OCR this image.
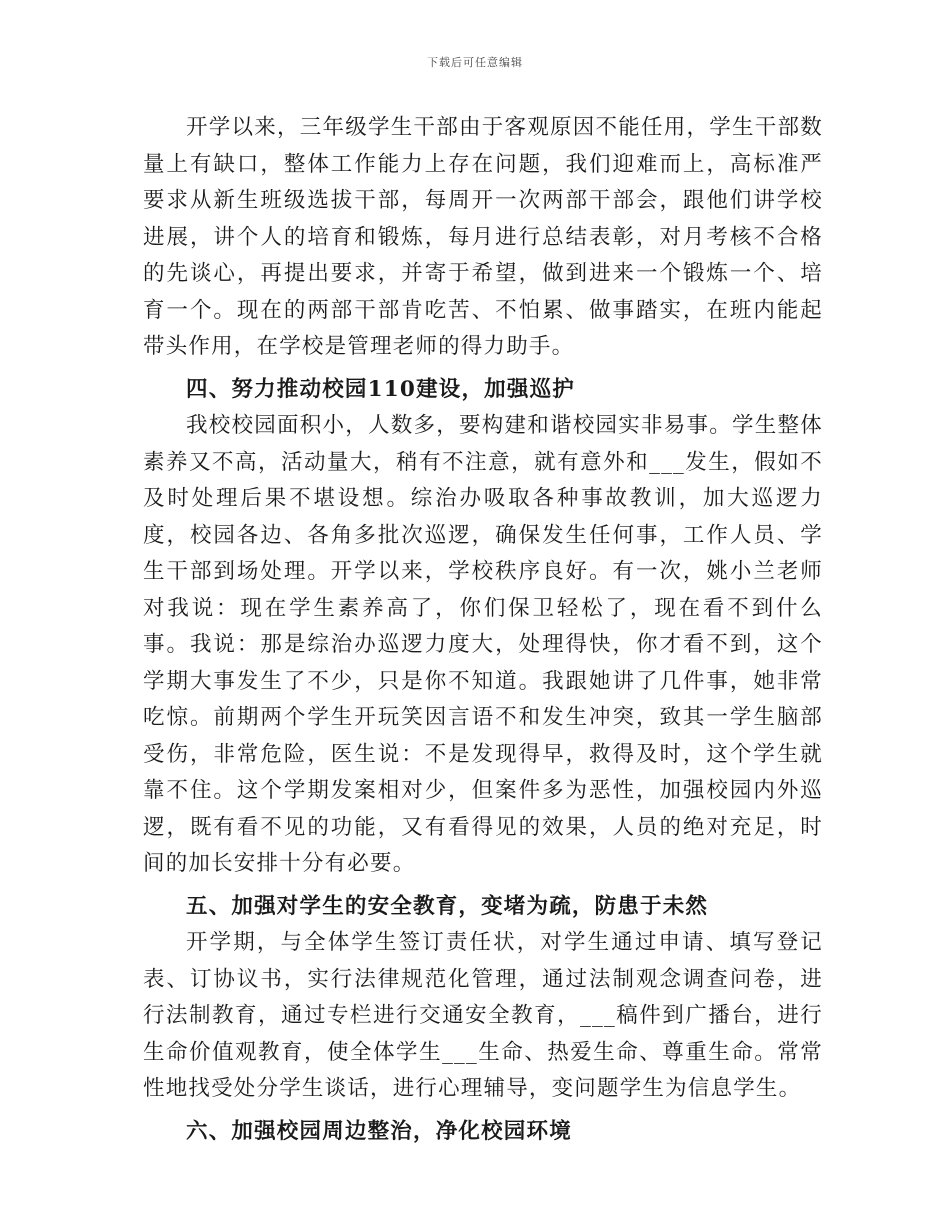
下载后可任意编辑

开学以来，三年级学生干部由于客观原因不能任用，学生干部数量上有缺口，整体工作能力上存在问题，我们迎难而上，高标准严要求从新生班级选拔干部，每周开一次两部干部会，跟他们讲学校进展，讲个人的培育和锻炼，每月进行总结表彰，对月考核不合格的先谈心，再提出要求，并寄于希望，做到进来一个锻炼一个、培育一个。现在的两部干部肯吃苦、不怕累、做事踏实，在班内能起带头作用，在学校是管理老师的得力助手。

四、努力推动校园110建设，加强巡护

我校校园面积小，人数多，要构建和谐校园实非易事。学生整体素养又不高，活动量大，稍有不注意，就有意外和___发生，假如不及时处理后果不堪设想。综治办吸取各种事故教训，加大巡逻力度，校园各边、各角多批次巡逻，确保发生任何事，工作人员、学生干部到场处理。开学以来，学校秩序良好。有一次，姚小兰老师对我说：现在学生素养高了，你们保卫轻松了，现在看不到什么事。我说：那是综治办巡逻力度大，处理得快，你才看不到，这个学期大事发生了不少，只是你不知道。我跟她讲了几件事，她非常吃惊。前期两个学生开玩笑因言语不和发生冲突，致其一学生脑部受伤，非常危险，医生说：不是发现得早，救得及时，这个学生就靠不住。这个学期发案相对少，但案件多为恶性，加强校园内外巡逻，既有看不见的功能，又有看得见的效果，人员的绝对充足，时间的加长安排十分有必要。

五、加强对学生的安全教育，变堵为疏，防患于未然

开学期，与全体学生签订责任状，对学生通过申请、填写登记表、订协议书，实行法律规范化管理，通过法制观念调查问卷，进行法制教育，通过专栏进行交通安全教育，___稿件到广播台，进行生命价值观教育，使全体学生___生命、热爱生命、尊重生命。常常性地找受处分学生谈话，进行心理辅导，变问题学生为信息学生。

六、加强校园周边整治，净化校园环境
